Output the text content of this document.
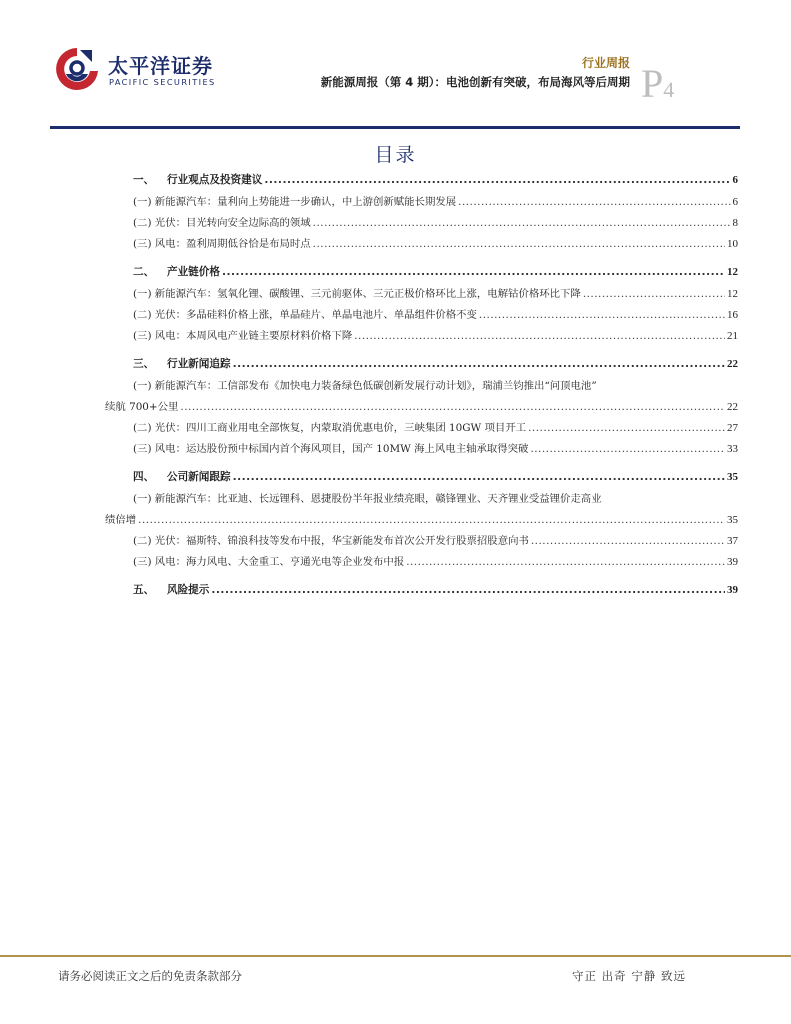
太平洋证券
PACIFIC SECURITIES
行业周报
新能源周报（第 4 期）：电池创新有突破，布局海风等后周期 P4
目录
一、 行业观点及投资建议 .....	6
(一) 新能源汽车：量利向上势能进一步确认，中上游创新赋能长期发展 .....	6
(二) 光伏：目光转向安全边际高的领域 .....	8
(三) 风电：盈利周期低谷恰是布局时点 .....	10
二、 产业链价格 .....	12
(一) 新能源汽车：氢氧化锂、碳酸锂、三元前驱体、三元正极价格环比上涨，电解钴价格环比下降 .....	12
(二) 光伏：多晶硅料价格上涨，单晶硅片、单晶电池片、单晶组件价格不变 .....	16
(三) 风电：本周风电产业链主要原材料价格下降 .....	21
三、 行业新闻追踪 .....	22
(一) 新能源汽车：工信部发布《加快电力装备绿色低碳创新发展行动计划》，瑞浦兰钧推出“问顶电池”
续航 700+公里 .....	22
(二) 光伏：四川工商业用电全部恢复，内蒙取消优惠电价，三峡集团 10GW 项目开工 .....	27
(三) 风电：运达股份预中标国内首个海风项目，国产 10MW 海上风电主轴承取得突破 .....	33
四、 公司新闻跟踪 .....	35
(一) 新能源汽车：比亚迪、长远锂科、恩捷股份半年报业绩亮眼，赣锋锂业、天齐锂业受益锂价走高业
绩倍增 .....	35
(二) 光伏：福斯特、锦浪科技等发布中报，华宝新能发布首次公开发行股票招股意向书 .....	37
(三) 风电：海力风电、大金重工、亨通光电等企业发布中报 .....	39
五、 风险提示 .....	39
请务必阅读正文之后的免责条款部分	守正 出奇 宁静 致远
